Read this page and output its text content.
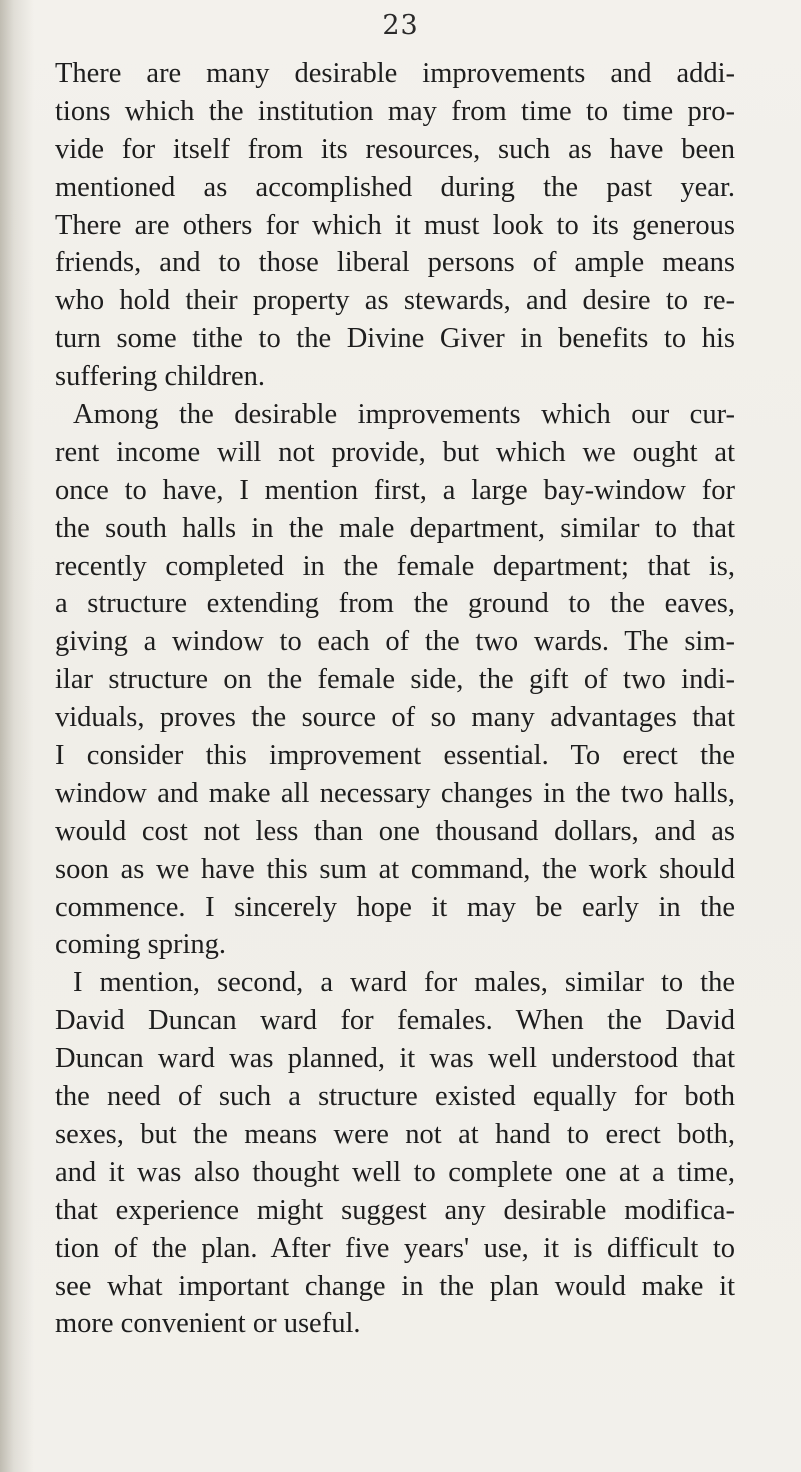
23
There are many desirable improvements and addi-
tions which the institution may from time to time pro-
vide for itself from its resources, such as have been
mentioned as accomplished during the past year.
There are others for which it must look to its generous
friends, and to those liberal persons of ample means
who hold their property as stewards, and desire to re-
turn some tithe to the Divine Giver in benefits to his
suffering children.
Among the desirable improvements which our cur-
rent income will not provide, but which we ought at
once to have, I mention first, a large bay-window for
the south halls in the male department, similar to that
recently completed in the female department; that is,
a structure extending from the ground to the eaves,
giving a window to each of the two wards. The sim-
ilar structure on the female side, the gift of two indi-
viduals, proves the source of so many advantages that
I consider this improvement essential. To erect the
window and make all necessary changes in the two halls,
would cost not less than one thousand dollars, and as
soon as we have this sum at command, the work should
commence. I sincerely hope it may be early in the
coming spring.
I mention, second, a ward for males, similar to the
David Duncan ward for females. When the David
Duncan ward was planned, it was well understood that
the need of such a structure existed equally for both
sexes, but the means were not at hand to erect both,
and it was also thought well to complete one at a time,
that experience might suggest any desirable modifica-
tion of the plan. After five years' use, it is difficult to
see what important change in the plan would make it
more convenient or useful.
